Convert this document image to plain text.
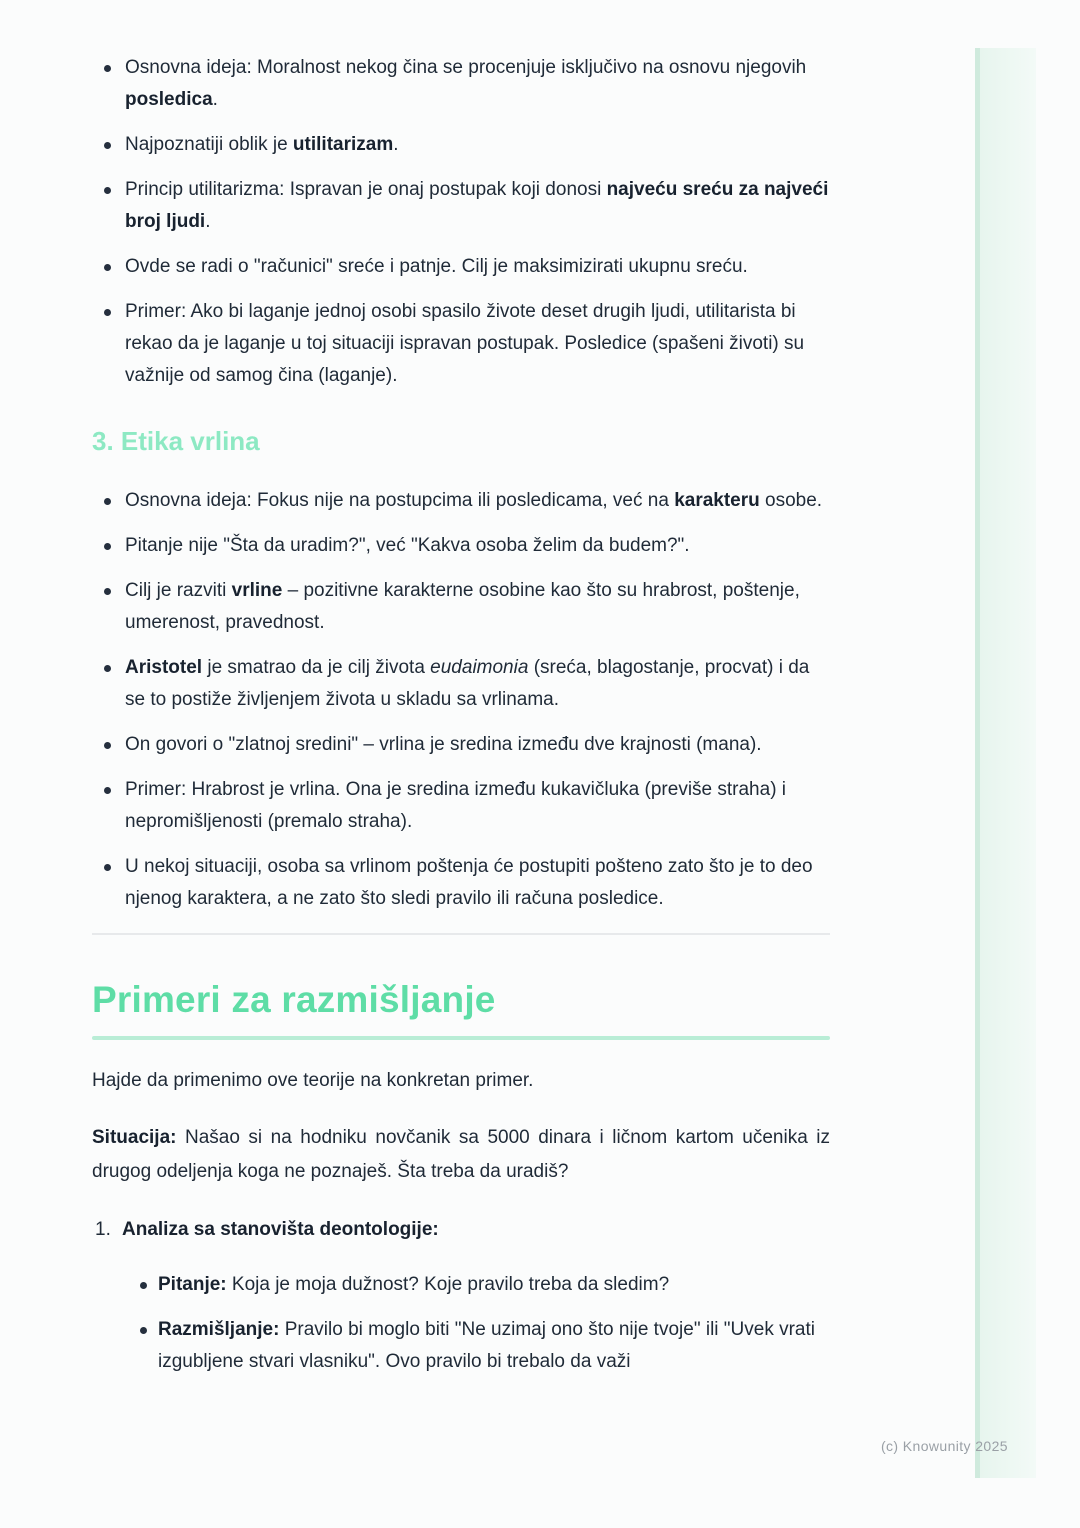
Osnovna ideja: Moralnost nekog čina se procenjuje isključivo na osnovu njegovih posledica.
Najpoznatiji oblik je utilitarizam.
Princip utilitarizma: Ispravan je onaj postupak koji donosi najveću sreću za najveći broj ljudi.
Ovde se radi o "računici" sreće i patnje. Cilj je maksimizirati ukupnu sreću.
Primer: Ako bi laganje jednoj osobi spasilo živote deset drugih ljudi, utilitarista bi rekao da je laganje u toj situaciji ispravan postupak. Posledice (spašeni životi) su važnije od samog čina (laganje).
3. Etika vrlina
Osnovna ideja: Fokus nije na postupcima ili posledicama, već na karakteru osobe.
Pitanje nije "Šta da uradim?", već "Kakva osoba želim da budem?".
Cilj je razviti vrline – pozitivne karakterne osobine kao što su hrabrost, poštenje, umerenost, pravednost.
Aristotel je smatrao da je cilj života eudaimonia (sreća, blagostanje, procvat) i da se to postiže življenjem života u skladu sa vrlinama.
On govori o "zlatnoj sredini" – vrlina je sredina između dve krajnosti (mana).
Primer: Hrabrost je vrlina. Ona je sredina između kukavičluka (previše straha) i nepromišljenosti (premalo straha).
U nekoj situaciji, osoba sa vrlinom poštenja će postupiti pošteno zato što je to deo njenog karaktera, a ne zato što sledi pravilo ili računa posledice.
Primeri za razmišljanje

Hajde da primenimo ove teorije na konkretan primer.

Situacija: Našao si na hodniku novčanik sa 5000 dinara i ličnom kartom učenika iz drugog odeljenja koga ne poznaješ. Šta treba da uradiš?

1. Analiza sa stanovišta deontologije:
Pitanje: Koja je moja dužnost? Koje pravilo treba da sledim?
Razmišljanje: Pravilo bi moglo biti "Ne uzimaj ono što nije tvoje" ili "Uvek vrati izgubljene stvari vlasniku". Ovo pravilo bi trebalo da važi
(c) Knowunity 2025
